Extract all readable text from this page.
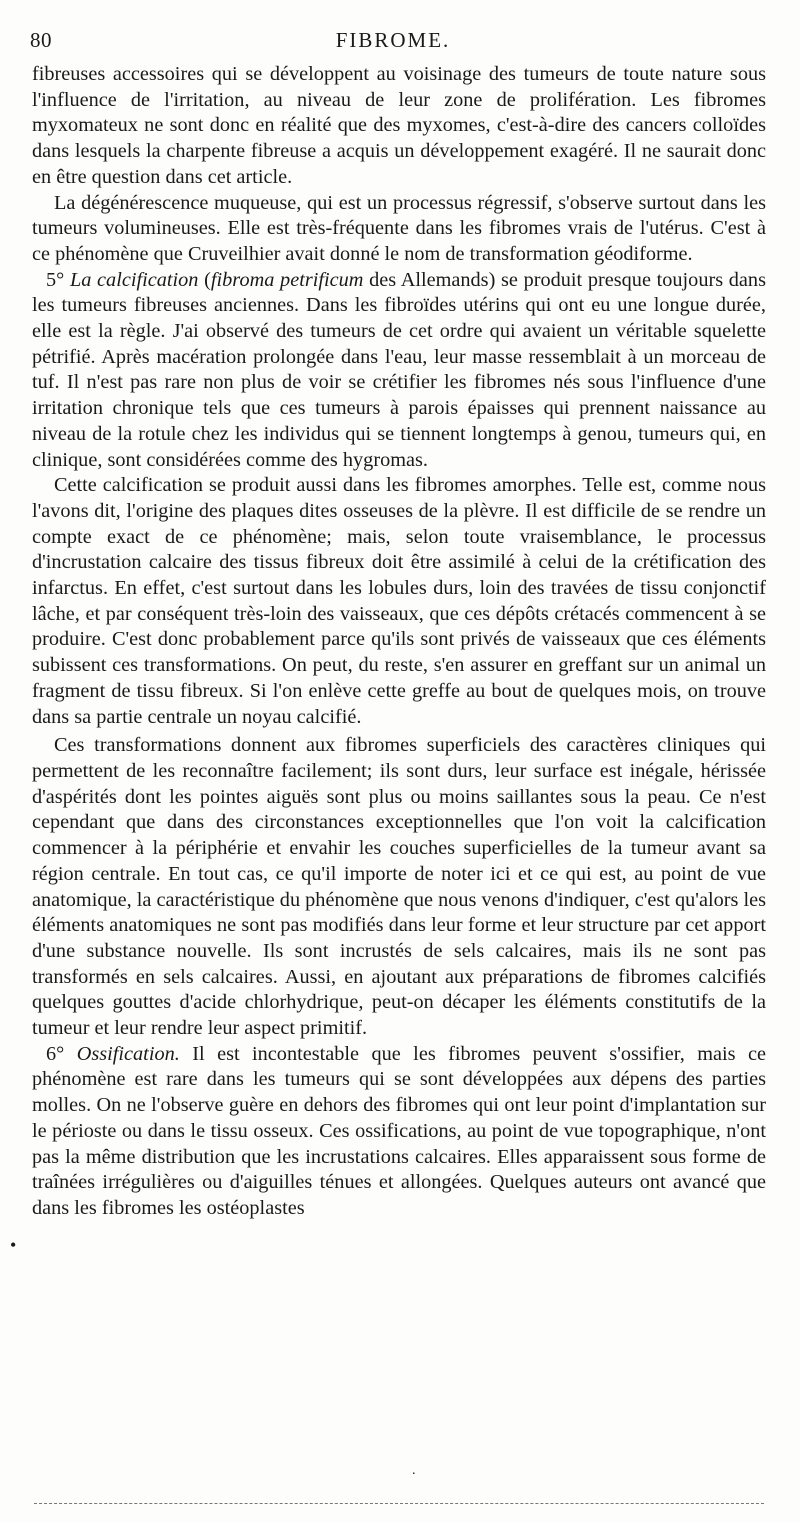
80	FIBROME.

fibreuses accessoires qui se développent au voisinage des tumeurs de toute nature sous l'influence de l'irritation, au niveau de leur zone de prolifération. Les fibromes myxomateux ne sont donc en réalité que des myxomes, c'est-à-dire des cancers colloïdes dans lesquels la charpente fibreuse a acquis un développement exagéré. Il ne saurait donc en être question dans cet article.

La dégénérescence muqueuse, qui est un processus régressif, s'observe surtout dans les tumeurs volumineuses. Elle est très-fréquente dans les fibromes vrais de l'utérus. C'est à ce phénomène que Cruveilhier avait donné le nom de transformation géodiforme.

5° La calcification (fibroma petrificum des Allemands) se produit presque toujours dans les tumeurs fibreuses anciennes. Dans les fibroïdes utérins qui ont eu une longue durée, elle est la règle. J'ai observé des tumeurs de cet ordre qui avaient un véritable squelette pétrifié. Après macération prolongée dans l'eau, leur masse ressemblait à un morceau de tuf. Il n'est pas rare non plus de voir se crétifier les fibromes nés sous l'influence d'une irritation chronique tels que ces tumeurs à parois épaisses qui prennent naissance au niveau de la rotule chez les individus qui se tiennent longtemps à genou, tumeurs qui, en clinique, sont considérées comme des hygromas.

Cette calcification se produit aussi dans les fibromes amorphes. Telle est, comme nous l'avons dit, l'origine des plaques dites osseuses de la plèvre. Il est difficile de se rendre un compte exact de ce phénomène; mais, selon toute vraisemblance, le processus d'incrustation calcaire des tissus fibreux doit être assimilé à celui de la crétification des infarctus. En effet, c'est surtout dans les lobules durs, loin des travées de tissu conjonctif lâche, et par conséquent très-loin des vaisseaux, que ces dépôts crétacés commencent à se produire. C'est donc probablement parce qu'ils sont privés de vaisseaux que ces éléments subissent ces transformations. On peut, du reste, s'en assurer en greffant sur un animal un fragment de tissu fibreux. Si l'on enlève cette greffe au bout de quelques mois, on trouve dans sa partie centrale un noyau calcifié.

Ces transformations donnent aux fibromes superficiels des caractères cliniques qui permettent de les reconnaître facilement; ils sont durs, leur surface est inégale, hérissée d'aspérités dont les pointes aiguës sont plus ou moins saillantes sous la peau. Ce n'est cependant que dans des circonstances exceptionnelles que l'on voit la calcification commencer à la périphérie et envahir les couches superficielles de la tumeur avant sa région centrale. En tout cas, ce qu'il importe de noter ici et ce qui est, au point de vue anatomique, la caractéristique du phénomène que nous venons d'indiquer, c'est qu'alors les éléments anatomiques ne sont pas modifiés dans leur forme et leur structure par cet apport d'une substance nouvelle. Ils sont incrustés de sels calcaires, mais ils ne sont pas transformés en sels calcaires. Aussi, en ajoutant aux préparations de fibromes calcifiés quelques gouttes d'acide chlorhydrique, peut-on décaper les éléments constitutifs de la tumeur et leur rendre leur aspect primitif.

6° Ossification. Il est incontestable que les fibromes peuvent s'ossifier, mais ce phénomène est rare dans les tumeurs qui se sont développées aux dépens des parties molles. On ne l'observe guère en dehors des fibromes qui ont leur point d'implantation sur le périoste ou dans le tissu osseux. Ces ossifications, au point de vue topographique, n'ont pas la même distribution que les incrustations calcaires. Elles apparaissent sous forme de traînées irrégulières ou d'aiguilles ténues et allongées. Quelques auteurs ont avancé que dans les fibromes les ostéoplastes

•
.
